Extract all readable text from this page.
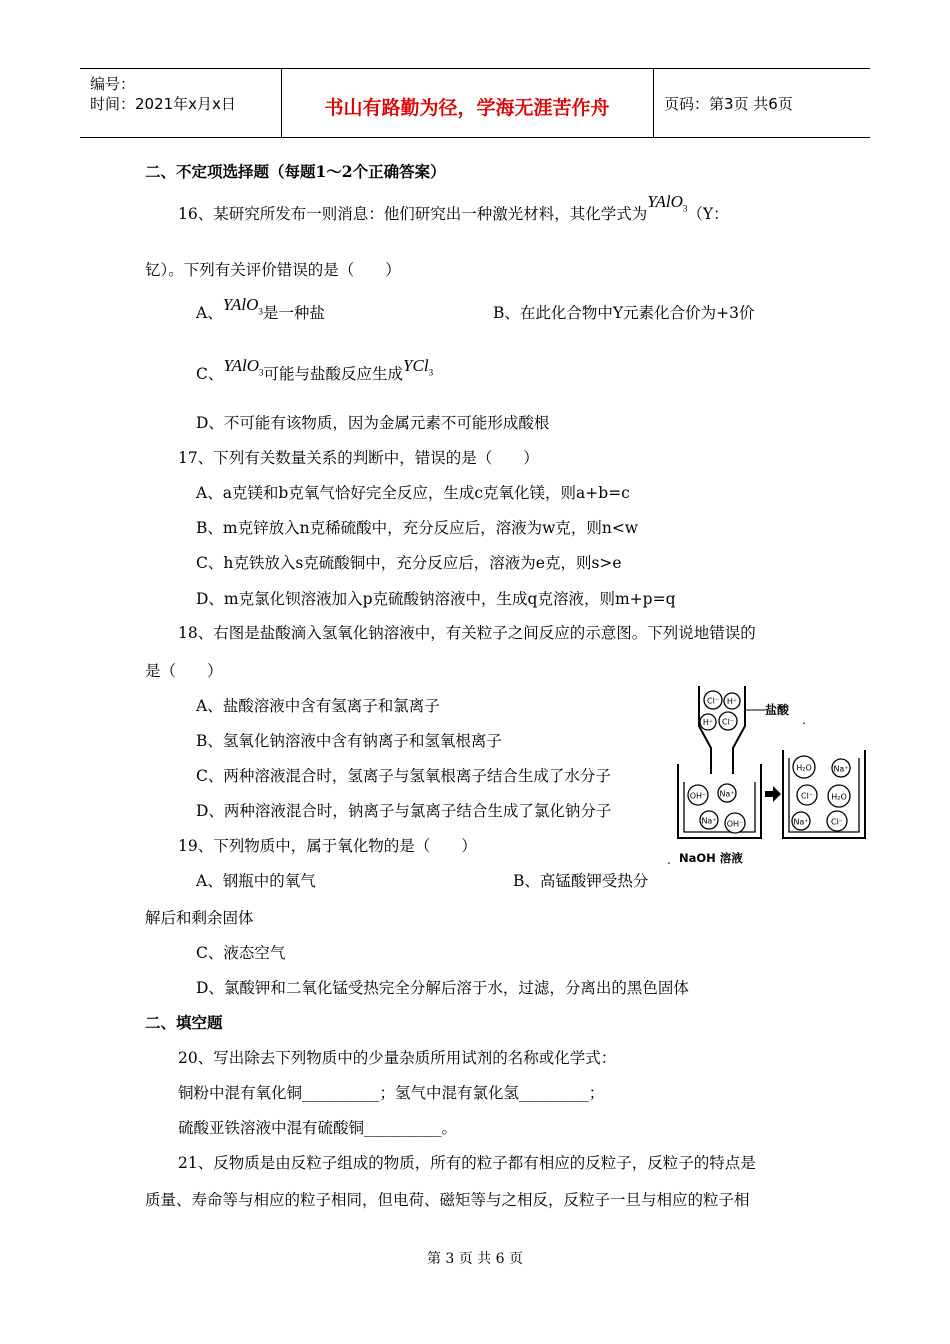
编号：
时间：2021年x月x日	书山有路勤为径，学海无涯苦作舟	页码：第3页 共6页
二、不定项选择题（每题1～2个正确答案）
16、某研究所发布一则消息：他们研究出一种激光材料，其化学式为YAlO$_3$（Y：
钇）。下列有关评价错误的是（　　）
A、YAlO$_3$是一种盐	B、在此化合物中Y元素化合价为+3价
C、YAlO$_3$可能与盐酸反应生成YCl$_3$
D、不可能有该物质，因为金属元素不可能形成酸根
17、下列有关数量关系的判断中，错误的是（　　）
A、a克镁和b克氧气恰好完全反应，生成c克氧化镁，则a+b=c
B、m克锌放入n克稀硫酸中，充分反应后，溶液为w克，则n<w
C、h克铁放入s克硫酸铜中，充分反应后，溶液为e克，则s>e
D、m克氯化钡溶液加入p克硫酸钠溶液中，生成q克溶液，则m+p=q
18、右图是盐酸滴入氢氧化钠溶液中，有关粒子之间反应的示意图。下列说地错误的
是（　　）
A、盐酸溶液中含有氢离子和氯离子
B、氢氧化钠溶液中含有钠离子和氢氧根离子
C、两种溶液混合时，氢离子与氢氧根离子结合生成了水分子
D、两种溶液混合时，钠离子与氯离子结合生成了氯化钠分子
19、下列物质中，属于氧化物的是（　　）
A、钢瓶中的氧气	B、高锰酸钾受热分
解后和剩余固体
C、液态空气
D、氯酸钾和二氧化锰受热完全分解后溶于水，过滤，分离出的黑色固体
二、填空题
20、写出除去下列物质中的少量杂质所用试剂的名称或化学式：
铜粉中混有氧化铜__________；氢气中混有氯化氢_________；
硫酸亚铁溶液中混有硫酸铜__________。
21、反物质是由反粒子组成的物质，所有的粒子都有相应的反粒子，反粒子的特点是
质量、寿命等与相应的粒子相同，但电荷、磁矩等与之相反，反粒子一旦与相应的粒子相
Cl⁻ H⁺
H⁺ Cl⁻
盐酸
.
OH⁻ Na⁺
Na⁺ OH⁻
NaOH 溶液
.
H₂O	Na⁺
Cl⁻ H₂O
Na⁺	Cl⁻
第 3 页 共 6 页
